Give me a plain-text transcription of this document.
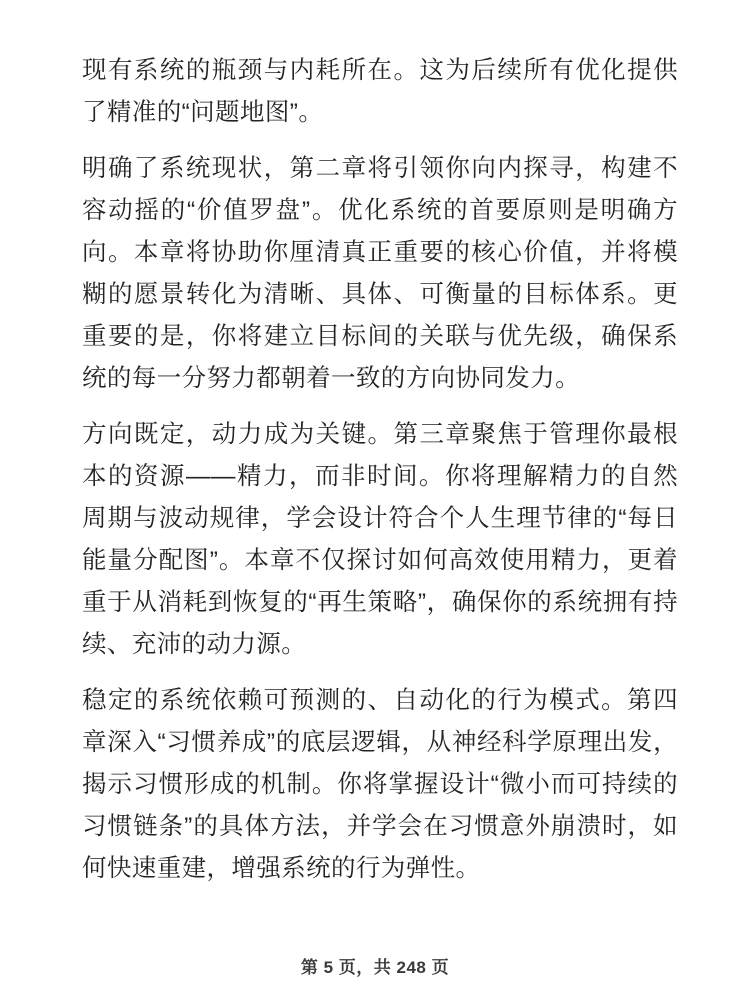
现有系统的瓶颈与内耗所在。这为后续所有优化提供了精准的“问题地图”。

明确了系统现状，第二章将引领你向内探寻，构建不容动摇的“价值罗盘”。优化系统的首要原则是明确方向。本章将协助你厘清真正重要的核心价值，并将模糊的愿景转化为清晰、具体、可衡量的目标体系。更重要的是，你将建立目标间的关联与优先级，确保系统的每一分努力都朝着一致的方向协同发力。

方向既定，动力成为关键。第三章聚焦于管理你最根本的资源——精力，而非时间。你将理解精力的自然周期与波动规律，学会设计符合个人生理节律的“每日能量分配图”。本章不仅探讨如何高效使用精力，更着重于从消耗到恢复的“再生策略”，确保你的系统拥有持续、充沛的动力源。

稳定的系统依赖可预测的、自动化的行为模式。第四章深入“习惯养成”的底层逻辑，从神经科学原理出发，揭示习惯形成的机制。你将掌握设计“微小而可持续的习惯链条”的具体方法，并学会在习惯意外崩溃时，如何快速重建，增强系统的行为弹性。

第 5 页，共 248 页
